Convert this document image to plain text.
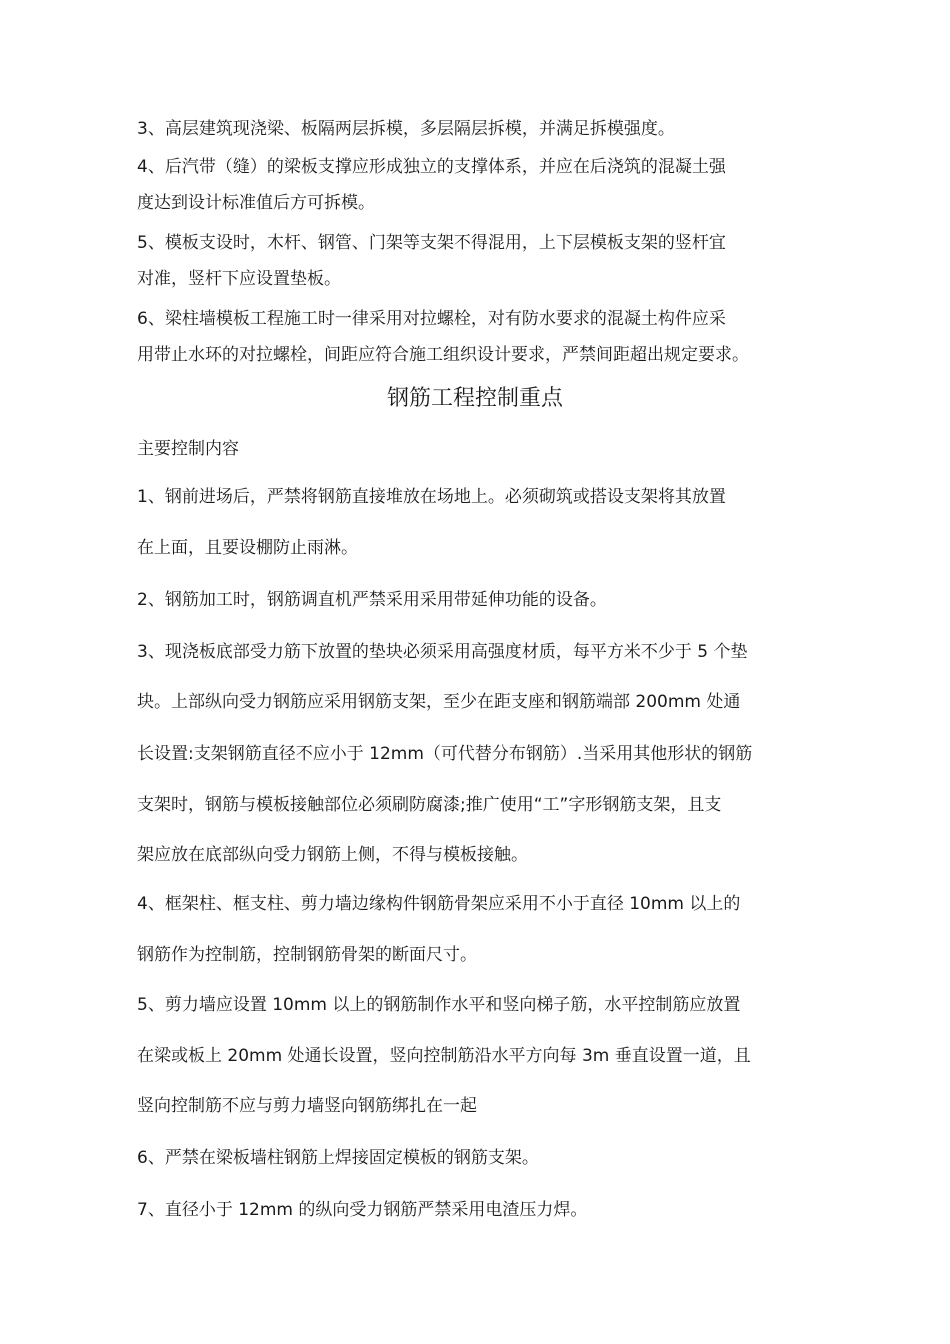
3、高层建筑现浇梁、板隔两层拆模，多层隔层拆模，并满足拆模强度。

4、后汽带（缝）的梁板支撑应形成独立的支撑体系，并应在后浇筑的混凝土强

度达到设计标准值后方可拆模。

5、模板支设时，木杆、钢管、门架等支架不得混用，上下层模板支架的竖杆宜

对准，竖杆下应设置垫板。

6、梁柱墙模板工程施工时一律采用对拉螺栓，对有防水要求的混凝土构件应采

用带止水环的对拉螺栓，间距应符合施工组织设计要求，严禁间距超出规定要求。

钢筋工程控制重点

主要控制内容

1、钢前进场后，严禁将钢筋直接堆放在场地上。必须砌筑或搭设支架将其放置

在上面，且要设棚防止雨淋。

2、钢筋加工时，钢筋调直机严禁采用采用带延伸功能的设备。

3、现浇板底部受力筋下放置的垫块必须采用高强度材质，每平方米不少于 5 个垫

块。上部纵向受力钢筋应采用钢筋支架，至少在距支座和钢筋端部 200mm 处通

长设置:支架钢筋直径不应小于 12mm（可代替分布钢筋）.当采用其他形状的钢筋

支架时，钢筋与模板接触部位必须刷防腐漆;推广使用“工”字形钢筋支架，且支

架应放在底部纵向受力钢筋上侧，不得与模板接触。

4、框架柱、框支柱、剪力墙边缘构件钢筋骨架应采用不小于直径 10mm 以上的

钢筋作为控制筋，控制钢筋骨架的断面尺寸。

5、剪力墙应设置 10mm 以上的钢筋制作水平和竖向梯子筋，水平控制筋应放置

在梁或板上 20mm 处通长设置，竖向控制筋沿水平方向每 3m 垂直设置一道，且

竖向控制筋不应与剪力墙竖向钢筋绑扎在一起

6、严禁在梁板墙柱钢筋上焊接固定模板的钢筋支架。

7、直径小于 12mm 的纵向受力钢筋严禁采用电渣压力焊。
